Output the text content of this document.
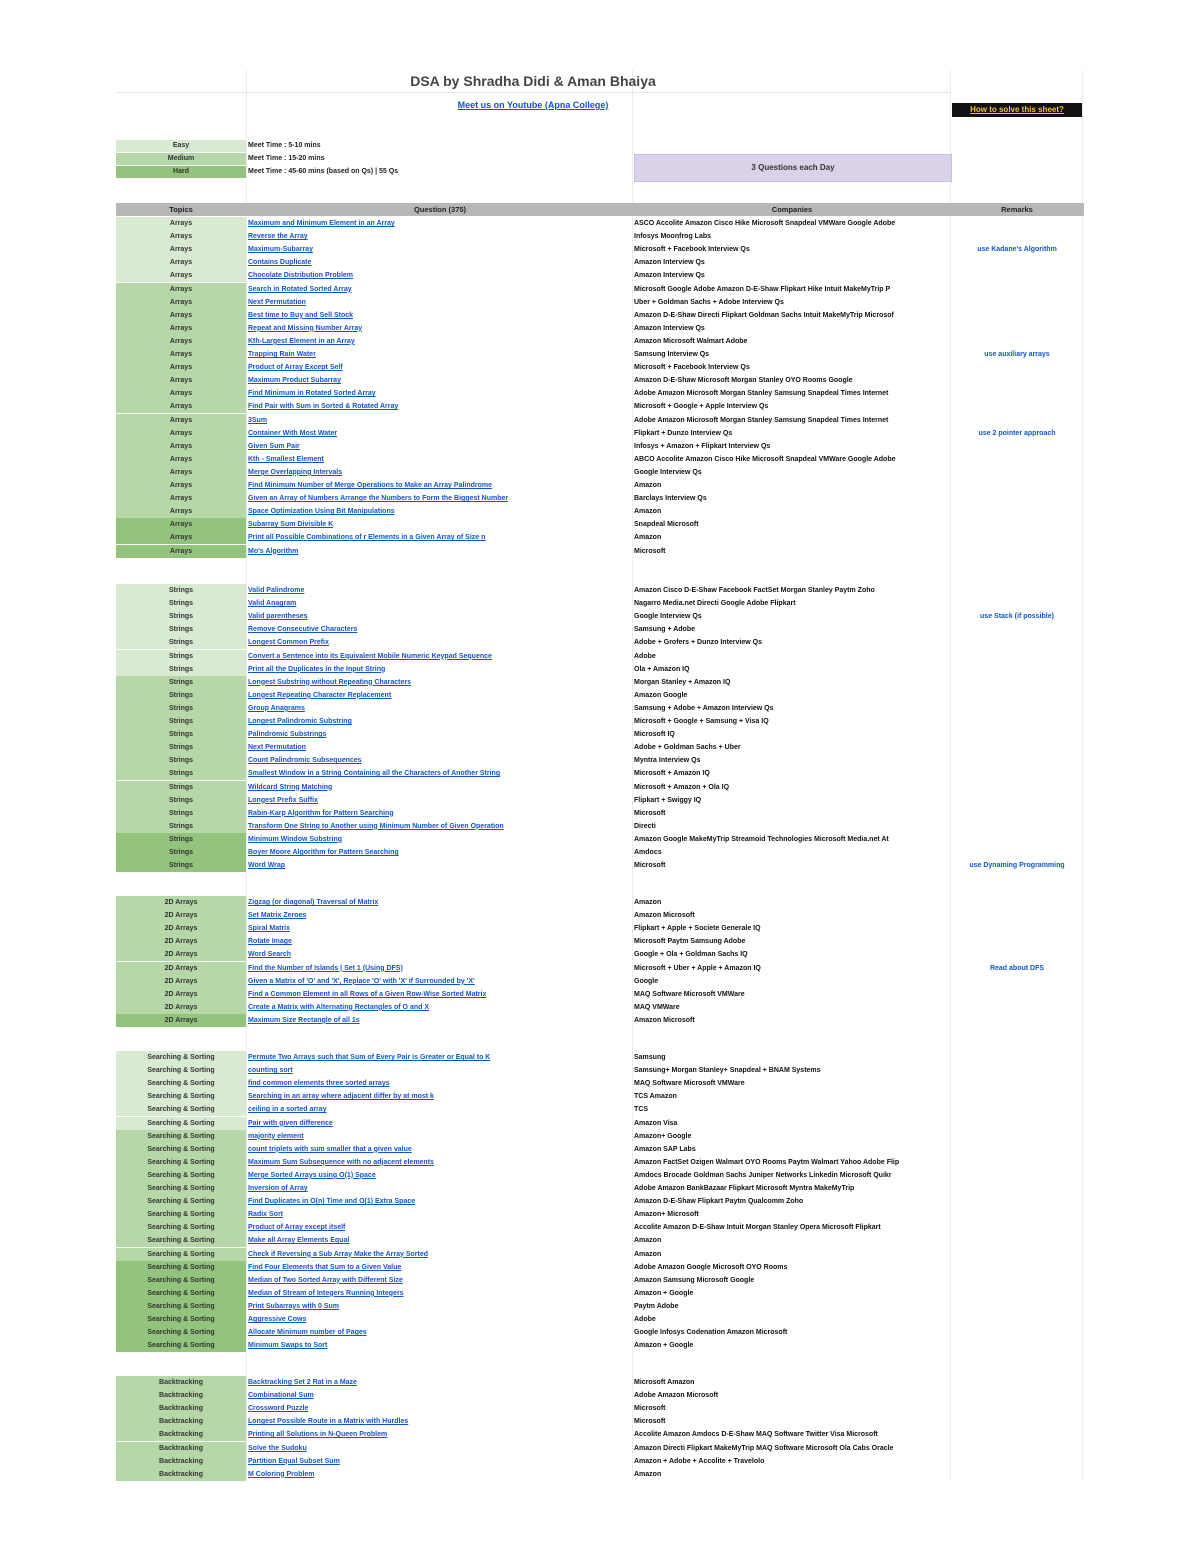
DSA by Shradha Didi & Aman Bhaiya
Meet us on Youtube (Apna College)	How to solve this sheet?
Easy	Meet Time : 5-10 mins
Medium	Meet Time : 15-20 mins
Hard	Meet Time : 45-60 mins (based on Qs) | 55 Qs	3 Questions each Day
Topics	Question (375)	Companies	Remarks
Arrays	Maximum and Minimum Element in an Array	ASCO Accolite Amazon Cisco Hike Microsoft Snapdeal VMWare Google Adobe
Arrays	Reverse the Array	Infosys Moonfrog Labs
Arrays	Maximum-Subarray	Microsoft + Facebook Interview Qs	use Kadane's Algorithm
Arrays	Contains Duplicate	Amazon Interview Qs
Arrays	Chocolate Distribution Problem	Amazon Interview Qs
Arrays	Search in Rotated Sorted Array	Microsoft Google Adobe Amazon D-E-Shaw Flipkart Hike Intuit MakeMyTrip P
Arrays	Next Permutation	Uber + Goldman Sachs + Adobe Interview Qs
Arrays	Best time to Buy and Sell Stock	Amazon D-E-Shaw Directi Flipkart Goldman Sachs Intuit MakeMyTrip Microsof
Arrays	Repeat and Missing Number Array	Amazon Interview Qs
Arrays	Kth-Largest Element in an Array	Amazon Microsoft Walmart Adobe
Arrays	Trapping Rain Water	Samsung Interview Qs	use auxiliary arrays
Arrays	Product of Array Except Self	Microsoft + Facebook Interview Qs
Arrays	Maximum Product Subarray	Amazon D-E-Shaw Microsoft Morgan Stanley OYO Rooms Google
Arrays	Find Minimum in Rotated Sorted Array	Adobe Amazon Microsoft Morgan Stanley Samsung Snapdeal Times Internet
Arrays	Find Pair with Sum in Sorted & Rotated Array	Microsoft + Google + Apple Interview Qs
Arrays	3Sum	Adobe Amazon Microsoft Morgan Stanley Samsung Snapdeal Times Internet
Arrays	Container With Most Water	Flipkart + Dunzo Interview Qs	use 2 pointer approach
Arrays	Given Sum Pair	Infosys + Amazon + Flipkart Interview Qs
Arrays	Kth - Smallest Element	ABCO Accolite Amazon Cisco Hike Microsoft Snapdeal VMWare Google Adobe
Arrays	Merge Overlapping Intervals	Google Interview Qs
Arrays	Find Minimum Number of Merge Operations to Make an Array Palindrome	Amazon
Arrays	Given an Array of Numbers Arrange the Numbers to Form the Biggest Number	Barclays Interview Qs
Arrays	Space Optimization Using Bit Manipulations	Amazon
Arrays	Subarray Sum Divisible K	Snapdeal Microsoft
Arrays	Print all Possible Combinations of r Elements in a Given Array of Size n	Amazon
Arrays	Mo's Algorithm	Microsoft
Strings	Valid Palindrome	Amazon Cisco D-E-Shaw Facebook FactSet Morgan Stanley Paytm Zoho
Strings	Valid Anagram	Nagarro Media.net Directi Google Adobe Flipkart
Strings	Valid parentheses	Google Interview Qs	use Stack (if possible)
Strings	Remove Consecutive Characters	Samsung + Adobe
Strings	Longest Common Prefix	Adobe + Grofers + Dunzo Interview Qs
Strings	Convert a Sentence into its Equivalent Mobile Numeric Keypad Sequence	Adobe
Strings	Print all the Duplicates in the Input String	Ola + Amazon IQ
Strings	Longest Substring without Repeating Characters	Morgan Stanley + Amazon IQ
Strings	Longest Repeating Character Replacement	Amazon Google
Strings	Group Anagrams	Samsung + Adobe + Amazon Interview Qs
Strings	Longest Palindromic Substring	Microsoft + Google + Samsung + Visa IQ
Strings	Palindromic Substrings	Microsoft IQ
Strings	Next Permutation	Adobe + Goldman Sachs + Uber
Strings	Count Palindromic Subsequences	Myntra Interview Qs
Strings	Smallest Window in a String Containing all the Characters of Another String	Microsoft + Amazon IQ
Strings	Wildcard String Matching	Microsoft + Amazon + Ola IQ
Strings	Longest Prefix Suffix	Flipkart + Swiggy IQ
Strings	Rabin-Karp Algorithm for Pattern Searching	Microsoft
Strings	Transform One String to Another using Minimum Number of Given Operation	Directi
Strings	Minimum Window Substring	Amazon Google MakeMyTrip Streamoid Technologies Microsoft Media.net At
Strings	Boyer Moore Algorithm for Pattern Searching	Amdocs
Strings	Word Wrap	Microsoft	use Dynaming Programming
2D Arrays	Zigzag (or diagonal) Traversal of Matrix	Amazon
2D Arrays	Set Matrix Zeroes	Amazon Microsoft
2D Arrays	Spiral Matrix	Flipkart + Apple + Societe Generale IQ
2D Arrays	Rotate Image	Microsoft Paytm Samsung Adobe
2D Arrays	Word Search	Google + Ola + Goldman Sachs IQ
2D Arrays	Find the Number of Islands | Set 1 (Using DFS)	Microsoft + Uber + Apple + Amazon IQ	Read about DFS
2D Arrays	Given a Matrix of 'O' and 'X', Replace 'O' with 'X' if Surrounded by 'X'	Google
2D Arrays	Find a Common Element in all Rows of a Given Row-Wise Sorted Matrix	MAQ Software Microsoft VMWare
2D Arrays	Create a Matrix with Alternating Rectangles of O and X	MAQ VMWare
2D Arrays	Maximum Size Rectangle of all 1s	Amazon Microsoft
Searching & Sorting	Permute Two Arrays such that Sum of Every Pair is Greater or Equal to K	Samsung
Searching & Sorting	counting sort	Samsung+ Morgan Stanley+ Snapdeal + BNAM Systems
Searching & Sorting	find common elements three sorted arrays	MAQ Software Microsoft VMWare
Searching & Sorting	Searching in an array where adjacent differ by at most k	TCS Amazon
Searching & Sorting	ceiling in a sorted array	TCS
Searching & Sorting	Pair with given difference	Amazon Visa
Searching & Sorting	majority element	Amazon+ Google
Searching & Sorting	count triplets with sum smaller that a given value	Amazon SAP Labs
Searching & Sorting	Maximum Sum Subsequence with no adjacent elements	Amazon FactSet Ozigen Walmart OYO Rooms Paytm Walmart Yahoo Adobe Flip
Searching & Sorting	Merge Sorted Arrays using O(1) Space	Amdocs Brocade Goldman Sachs Juniper Networks Linkedin Microsoft Quikr
Searching & Sorting	Inversion of Array	Adobe Amazon BankBazaar Flipkart Microsoft Myntra MakeMyTrip
Searching & Sorting	Find Duplicates in O(n) Time and O(1) Extra Space	Amazon D-E-Shaw Flipkart Paytm Qualcomm Zoho
Searching & Sorting	Radix Sort	Amazon+ Microsoft
Searching & Sorting	Product of Array except itself	Accolite Amazon D-E-Shaw Intuit Morgan Stanley Opera Microsoft Flipkart
Searching & Sorting	Make all Array Elements Equal	Amazon
Searching & Sorting	Check if Reversing a Sub Array Make the Array Sorted	Amazon
Searching & Sorting	Find Four Elements that Sum to a Given Value	Adobe Amazon Google Microsoft OYO Rooms
Searching & Sorting	Median of Two Sorted Array with Different Size	Amazon Samsung Microsoft Google
Searching & Sorting	Median of Stream of Integers Running Integers	Amazon + Google
Searching & Sorting	Print Subarrays with 0 Sum	Paytm Adobe
Searching & Sorting	Aggressive Cows	Adobe
Searching & Sorting	Allocate Minimum number of Pages	Google Infosys Codenation Amazon Microsoft
Searching & Sorting	Minimum Swaps to Sort	Amazon + Google
Backtracking	Backtracking Set 2 Rat in a Maze	Microsoft Amazon
Backtracking	Combinational Sum	Adobe Amazon Microsoft
Backtracking	Crossword Puzzle	Microsoft
Backtracking	Longest Possible Route in a Matrix with Hurdles	Microsoft
Backtracking	Printing all Solutions in N-Queen Problem	Accolite Amazon Amdocs D-E-Shaw MAQ Software Twitter Visa Microsoft
Backtracking	Solve the Sudoku	Amazon Directi Flipkart MakeMyTrip MAQ Software Microsoft Ola Cabs Oracle
Backtracking	Partition Equal Subset Sum	Amazon + Adobe + Accolite + Travelolo
Backtracking	M Coloring Problem	Amazon
